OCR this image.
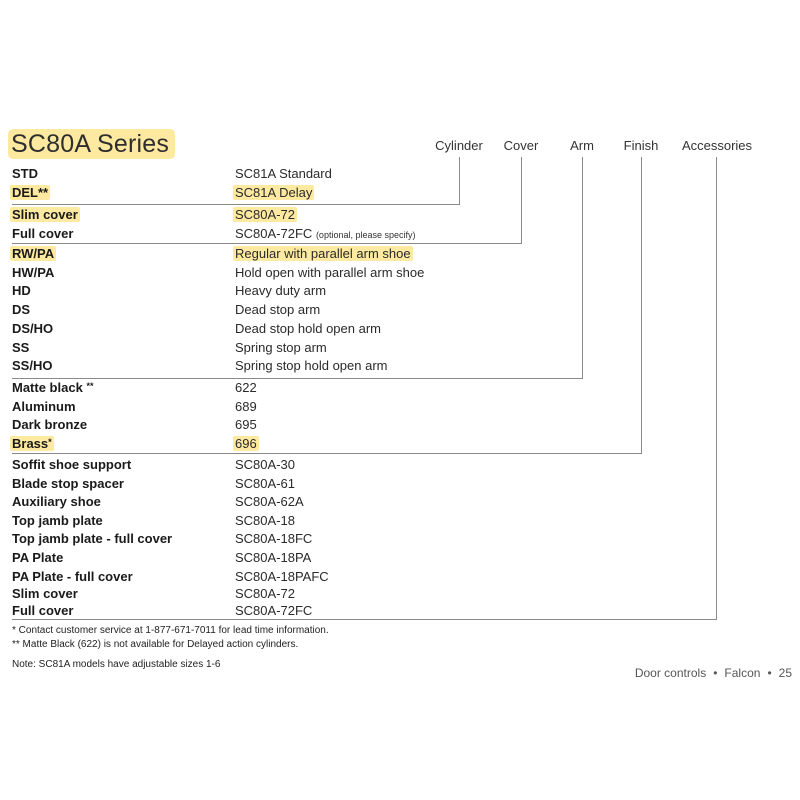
SC80A Series	Cylinder Cover Arm Finish Accessories
STD	SC81A Standard
DEL**	SC81A Delay
Slim cover	SC80A-72
Full cover	SC80A-72FC (optional, please specify)
RW/PA	Regular with parallel arm shoe
HW/PA	Hold open with parallel arm shoe
HD	Heavy duty arm
DS	Dead stop arm
DS/HO	Dead stop hold open arm
SS	Spring stop arm
SS/HO	Spring stop hold open arm
Matte black **	622
Aluminum	689
Dark bronze	695
Brass*	696
Soffit shoe support	SC80A-30
Blade stop spacer	SC80A-61
Auxiliary shoe	SC80A-62A
Top jamb plate	SC80A-18
Top jamb plate - full cover	SC80A-18FC
PA Plate	SC80A-18PA
PA Plate - full cover	SC80A-18PAFC
Slim cover	SC80A-72
Full cover	SC80A-72FC
* Contact customer service at 1-877-671-7011 for lead time information.
** Matte Black (622) is not available for Delayed action cylinders.
Note: SC81A models have adjustable sizes 1-6
Door controls • Falcon • 25
